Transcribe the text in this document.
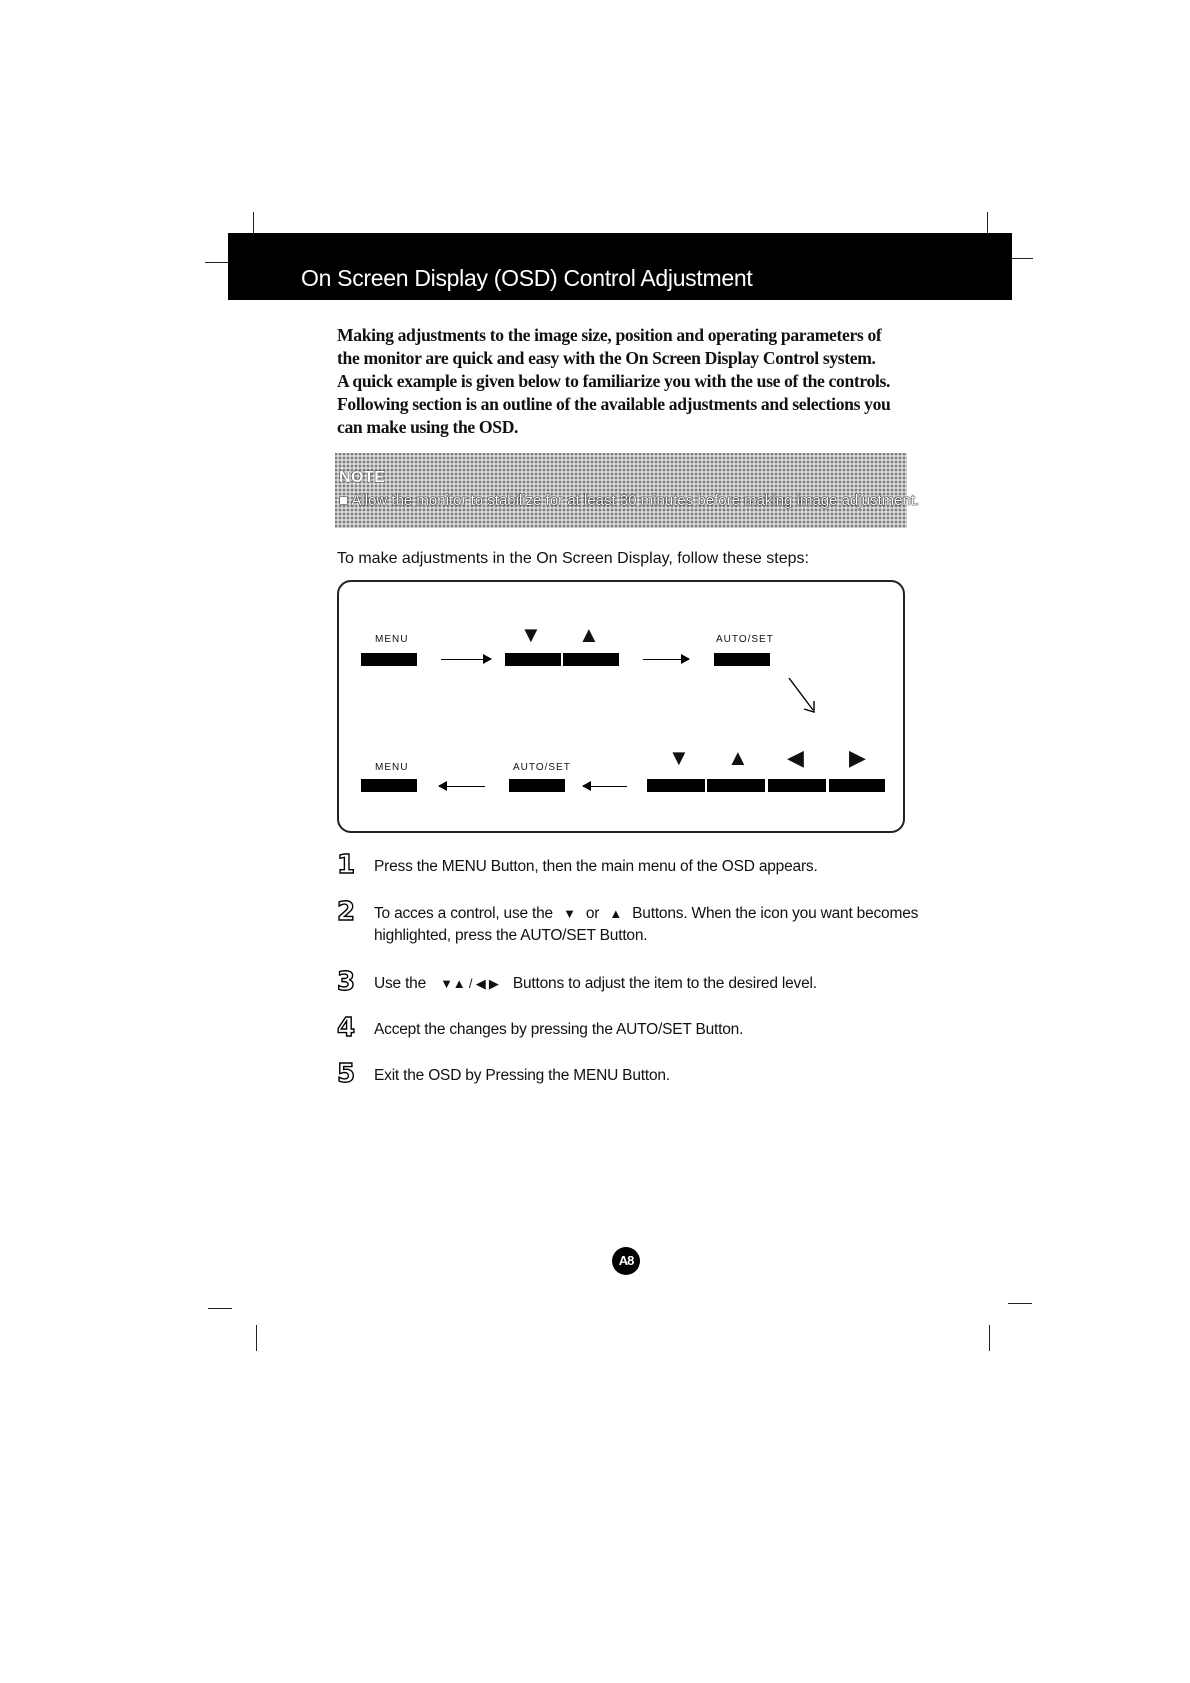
On Screen Display (OSD) Control Adjustment

Making adjustments to the image size, position and operating parameters of

the monitor are quick and easy with the On Screen Display Control system.

A quick example is given below to familiarize you with the use of the controls.

Following section is an outline of the available adjustments and selections you

can make using the OSD.

NOTE
■ Allow the monitor to stabilize for at least 30 minutes before making image adjustment.
To make adjustments in the On Screen Display, follow these steps:
MENU	▼ ▲	AUTO/SET
MENU	AUTO/SET	▼ ▲ ◀ ▶
1 Press the MENU Button, then the main menu of the OSD appears.
2 To acces a control, use the ▼ or ▲ Buttons. When the icon you want becomes highlighted, press the AUTO/SET Button.
3 Use the ▼▲ / ◀ ▶ Buttons to adjust the item to the desired level.
4 Accept the changes by pressing the AUTO/SET Button.
5 Exit the OSD by Pressing the MENU Button.
A8
